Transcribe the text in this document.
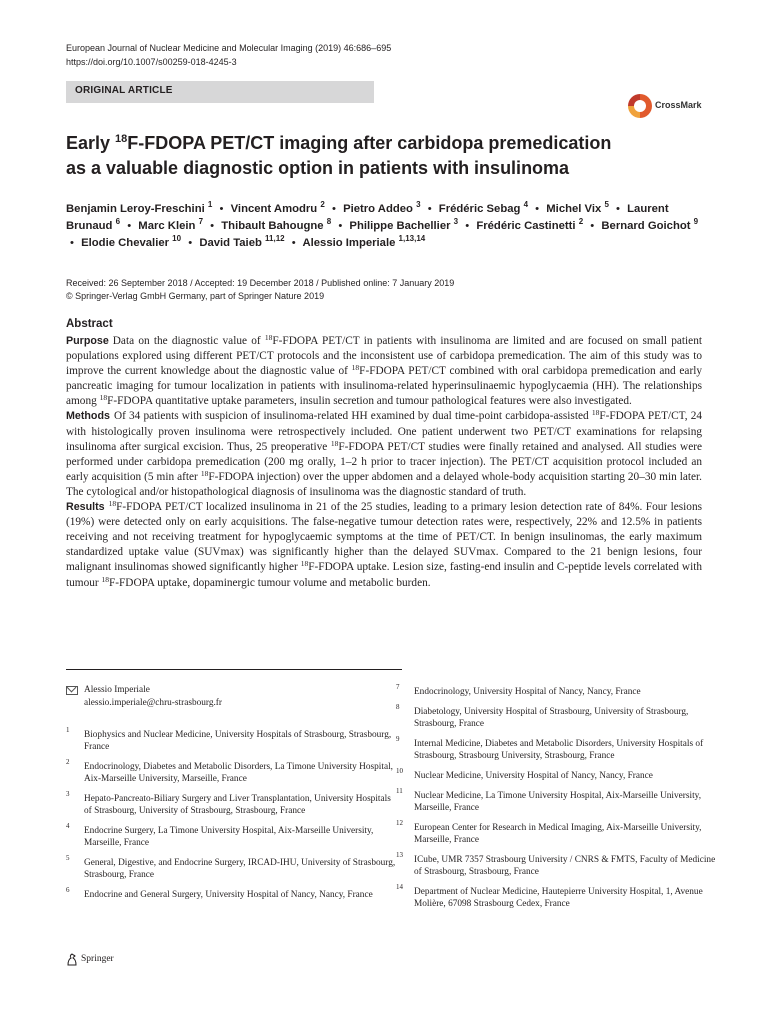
European Journal of Nuclear Medicine and Molecular Imaging (2019) 46:686–695
https://doi.org/10.1007/s00259-018-4245-3
ORIGINAL ARTICLE
CrossMark
Early $^{18}$F-FDOPA PET/CT imaging after carbidopa premedication
as a valuable diagnostic option in patients with insulinoma
Benjamin Leroy-Freschini $^1$ • Vincent Amodru $^2$ • Pietro Addeo $^3$ • Frédéric Sebag $^4$ • Michel Vix $^5$ • Laurent Brunaud $^6$ • Marc Klein $^7$ • Thibault Bahougne $^8$ • Philippe Bachellier $^3$ • Frédéric Castinetti $^2$ • Bernard Goichot $^9$ • Elodie Chevalier $^{10}$ • David Taieb $^{11,12}$ • Alessio Imperiale $^{1,13,14}$
Received: 26 September 2018 / Accepted: 19 December 2018 / Published online: 7 January 2019
© Springer-Verlag GmbH Germany, part of Springer Nature 2019
Abstract

Purpose Data on the diagnostic value of $^{18}$F-FDOPA PET/CT in patients with insulinoma are limited and are focused on small patient populations explored using different PET/CT protocols and the inconsistent use of carbidopa premedication. The aim of this study was to improve the current knowledge about the diagnostic value of $^{18}$F-FDOPA PET/CT combined with oral carbidopa premedication and early pancreatic imaging for tumour localization in patients with insulinoma-related hyperinsulinaemic hypoglycaemia (HH). The relationships among $^{18}$F-FDOPA quantitative uptake parameters, insulin secretion and tumour pathological features were also investigated.

Methods Of 34 patients with suspicion of insulinoma-related HH examined by dual time-point carbidopa-assisted $^{18}$F-FDOPA PET/CT, 24 with histologically proven insulinoma were retrospectively included. One patient underwent two PET/CT examinations for relapsing insulinoma after surgical excision. Thus, 25 preoperative $^{18}$F-FDOPA PET/CT studies were finally retained and analysed. All studies were performed under carbidopa premedication (200 mg orally, 1–2 h prior to tracer injection). The PET/CT acquisition protocol included an early acquisition (5 min after $^{18}$F-FDOPA injection) over the upper abdomen and a delayed whole-body acquisition starting 20–30 min later. The cytological and/or histopathological diagnosis of insulinoma was the diagnostic standard of truth.

Results $^{18}$F-FDOPA PET/CT localized insulinoma in 21 of the 25 studies, leading to a primary lesion detection rate of 84%. Four lesions (19%) were detected only on early acquisitions. The false-negative tumour detection rates were, respectively, 22% and 12.5% in patients receiving and not receiving treatment for hypoglycaemic symptoms at the time of PET/CT. In benign insulinomas, the early maximum standardized uptake value (SUVmax) was significantly higher than the delayed SUVmax. Compared to the 21 benign lesions, four malignant insulinomas showed significantly higher $^{18}$F-FDOPA uptake. Lesion size, fasting-end insulin and C-peptide levels correlated with tumour $^{18}$F-FDOPA uptake, dopaminergic tumour volume and metabolic burden.

Alessio Imperiale
alessio.imperiale@chru-strasbourg.fr
1 Biophysics and Nuclear Medicine, University Hospitals of Strasbourg, Strasbourg, France
2 Endocrinology, Diabetes and Metabolic Disorders, La Timone University Hospital, Aix-Marseille University, Marseille, France
3 Hepato-Pancreato-Biliary Surgery and Liver Transplantation, University Hospitals of Strasbourg, University of Strasbourg, Strasbourg, France
4 Endocrine Surgery, La Timone University Hospital, Aix-Marseille University, Marseille, France
5 General, Digestive, and Endocrine Surgery, IRCAD-IHU, University of Strasbourg, Strasbourg, France
6 Endocrine and General Surgery, University Hospital of Nancy, Nancy, France
7 Endocrinology, University Hospital of Nancy, Nancy, France
8 Diabetology, University Hospital of Strasbourg, University of Strasbourg, Strasbourg, France
9 Internal Medicine, Diabetes and Metabolic Disorders, University Hospitals of Strasbourg, Strasbourg University, Strasbourg, France
10 Nuclear Medicine, University Hospital of Nancy, Nancy, France
11 Nuclear Medicine, La Timone University Hospital, Aix-Marseille University, Marseille, France
12 European Center for Research in Medical Imaging, Aix-Marseille University, Marseille, France
13 ICube, UMR 7357 Strasbourg University / CNRS & FMTS, Faculty of Medicine of Strasbourg, Strasbourg, France
14 Department of Nuclear Medicine, Hautepierre University Hospital, 1, Avenue Molière, 67098 Strasbourg Cedex, France
Springer
